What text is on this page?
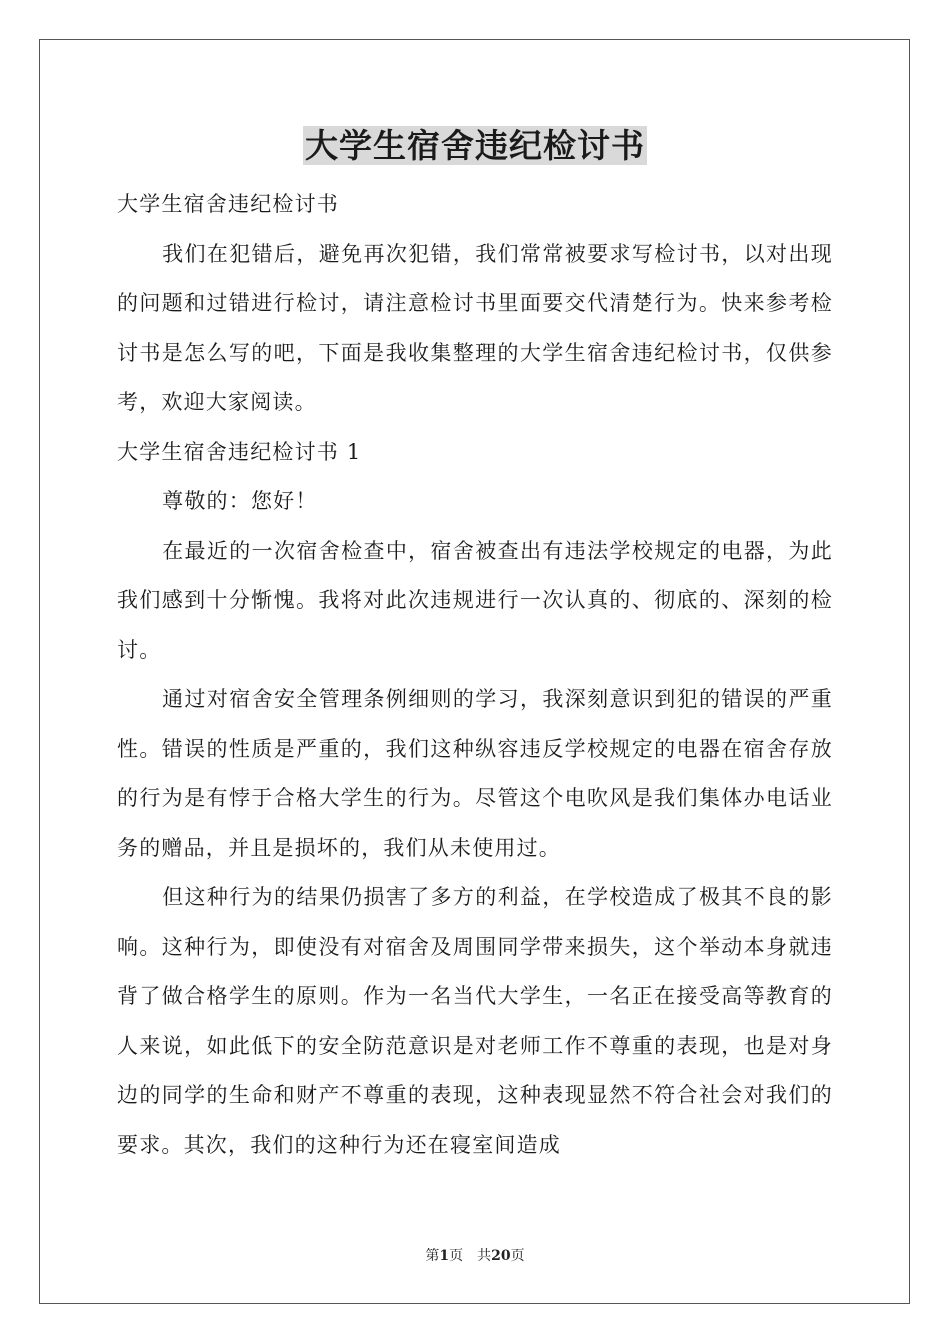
大学生宿舍违纪检讨书

大学生宿舍违纪检讨书

我们在犯错后，避免再次犯错，我们常常被要求写检讨书，以对出现的问题和过错进行检讨，请注意检讨书里面要交代清楚行为。快来参考检讨书是怎么写的吧，下面是我收集整理的大学生宿舍违纪检讨书，仅供参考，欢迎大家阅读。

大学生宿舍违纪检讨书 1

尊敬的：您好！

在最近的一次宿舍检查中，宿舍被查出有违法学校规定的电器，为此我们感到十分惭愧。我将对此次违规进行一次认真的、彻底的、深刻的检讨。

通过对宿舍安全管理条例细则的学习，我深刻意识到犯的错误的严重性。错误的性质是严重的，我们这种纵容违反学校规定的电器在宿舍存放的行为是有悖于合格大学生的行为。尽管这个电吹风是我们集体办电话业务的赠品，并且是损坏的，我们从未使用过。

但这种行为的结果仍损害了多方的利益，在学校造成了极其不良的影响。这种行为，即使没有对宿舍及周围同学带来损失，这个举动本身就违背了做合格学生的原则。作为一名当代大学生，一名正在接受高等教育的人来说，如此低下的安全防范意识是对老师工作不尊重的表现，也是对身边的同学的生命和财产不尊重的表现，这种表现显然不符合社会对我们的要求。其次，我们的这种行为还在寝室间造成

第1页　共20页
